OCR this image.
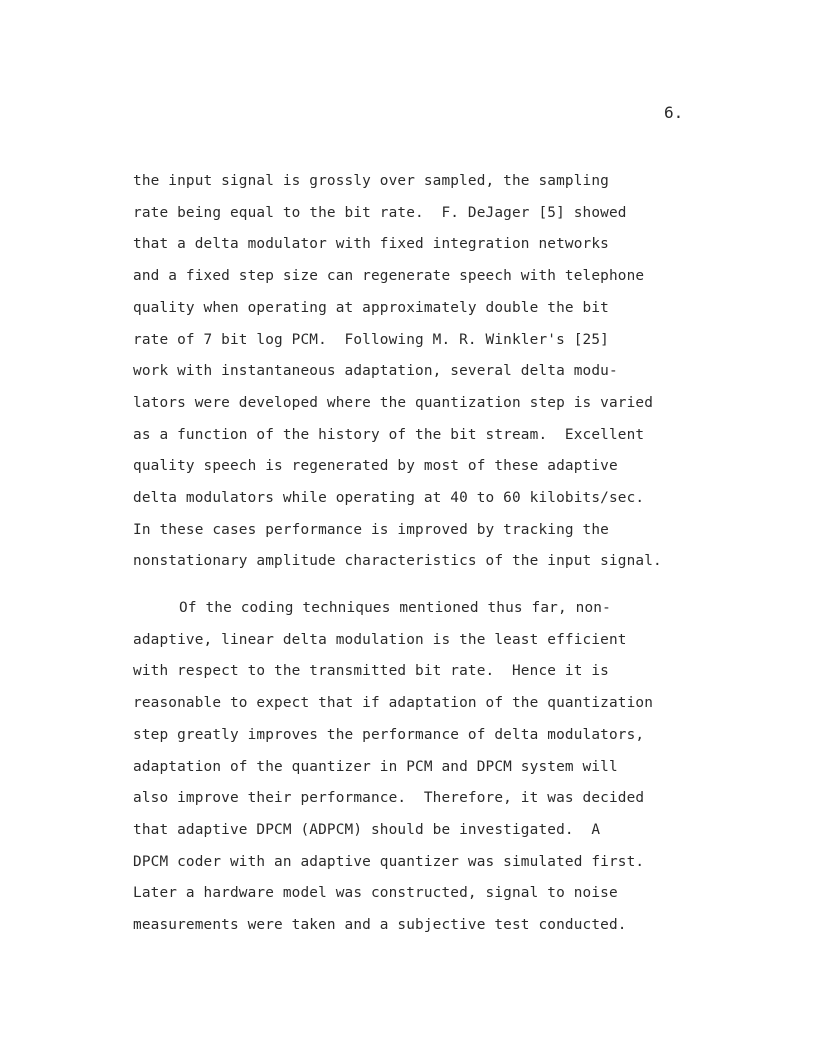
6.
the input signal is grossly over sampled, the sampling
rate being equal to the bit rate.  F. DeJager [5] showed
that a delta modulator with fixed integration networks
and a fixed step size can regenerate speech with telephone
quality when operating at approximately double the bit
rate of 7 bit log PCM.  Following M. R. Winkler's [25]
work with instantaneous adaptation, several delta modu-
lators were developed where the quantization step is varied
as a function of the history of the bit stream.  Excellent
quality speech is regenerated by most of these adaptive
delta modulators while operating at 40 to 60 kilobits/sec.
In these cases performance is improved by tracking the
nonstationary amplitude characteristics of the input signal.
Of the coding techniques mentioned thus far, non-
adaptive, linear delta modulation is the least efficient
with respect to the transmitted bit rate.  Hence it is
reasonable to expect that if adaptation of the quantization
step greatly improves the performance of delta modulators,
adaptation of the quantizer in PCM and DPCM system will
also improve their performance.  Therefore, it was decided
that adaptive DPCM (ADPCM) should be investigated.  A
DPCM coder with an adaptive quantizer was simulated first.
Later a hardware model was constructed, signal to noise
measurements were taken and a subjective test conducted.
